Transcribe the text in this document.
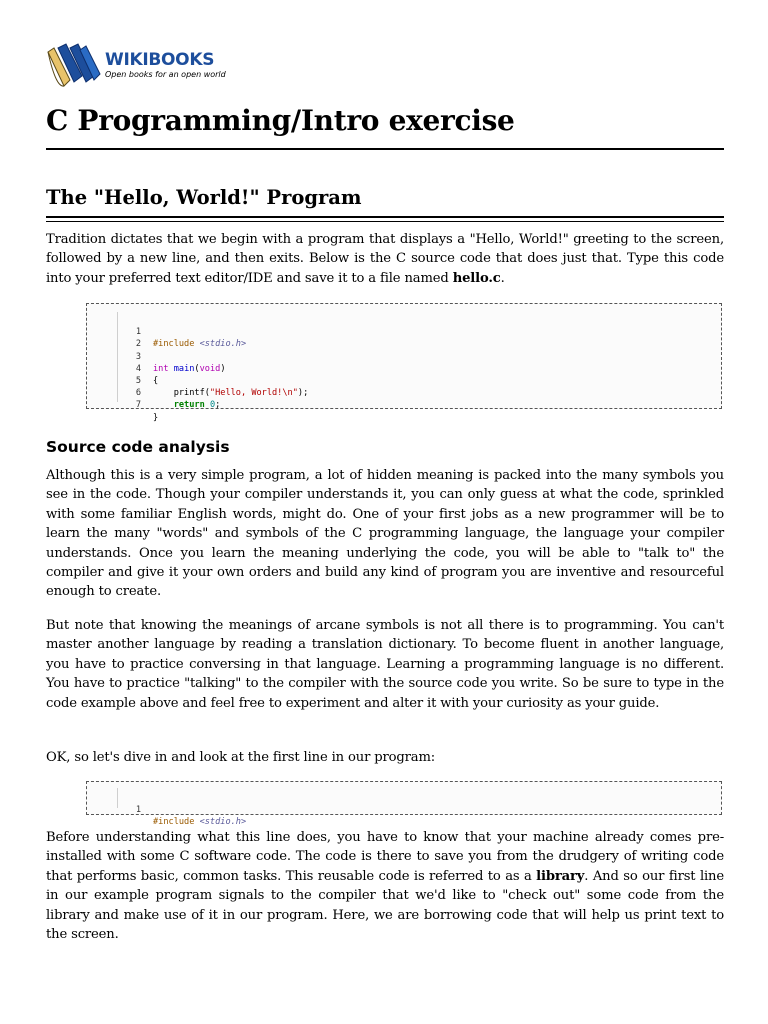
WIKIBOOKS
Open books for an open world
C Programming/Intro exercise
The "Hello, World!" Program

Tradition dictates that we begin with a program that displays a "Hello, World!" greeting to the screen, followed by a new line, and then exits. Below is the C source code that does just that. Type this code into your preferred text editor/IDE and save it to a file named hello.c.

1

#include <stdio.h>

2

3

int main(void)

4

{

5

printf("Hello, World!\n");

6

return 0;

7

}

Source code analysis

Although this is a very simple program, a lot of hidden meaning is packed into the many symbols you see in the code. Though your compiler understands it, you can only guess at what the code, sprinkled with some familiar English words, might do. One of your first jobs as a new programmer will be to learn the many "words" and symbols of the C programming language, the language your compiler understands. Once you learn the meaning underlying the code, you will be able to "talk to" the compiler and give it your own orders and build any kind of program you are inventive and resourceful enough to create.

But note that knowing the meanings of arcane symbols is not all there is to programming. You can't master another language by reading a translation dictionary. To become fluent in another language, you have to practice conversing in that language. Learning a programming language is no different. You have to practice "talking" to the compiler with the source code you write. So be sure to type in the code example above and feel free to experiment and alter it with your curiosity as your guide.

OK, so let's dive in and look at the first line in our program:

1

#include <stdio.h>

Before understanding what this line does, you have to know that your machine already comes pre-installed with some C software code. The code is there to save you from the drudgery of writing code that performs basic, common tasks. This reusable code is referred to as a library. And so our first line in our example program signals to the compiler that we'd like to "check out" some code from the library and make use of it in our program. Here, we are borrowing code that will help us print text to the screen.
